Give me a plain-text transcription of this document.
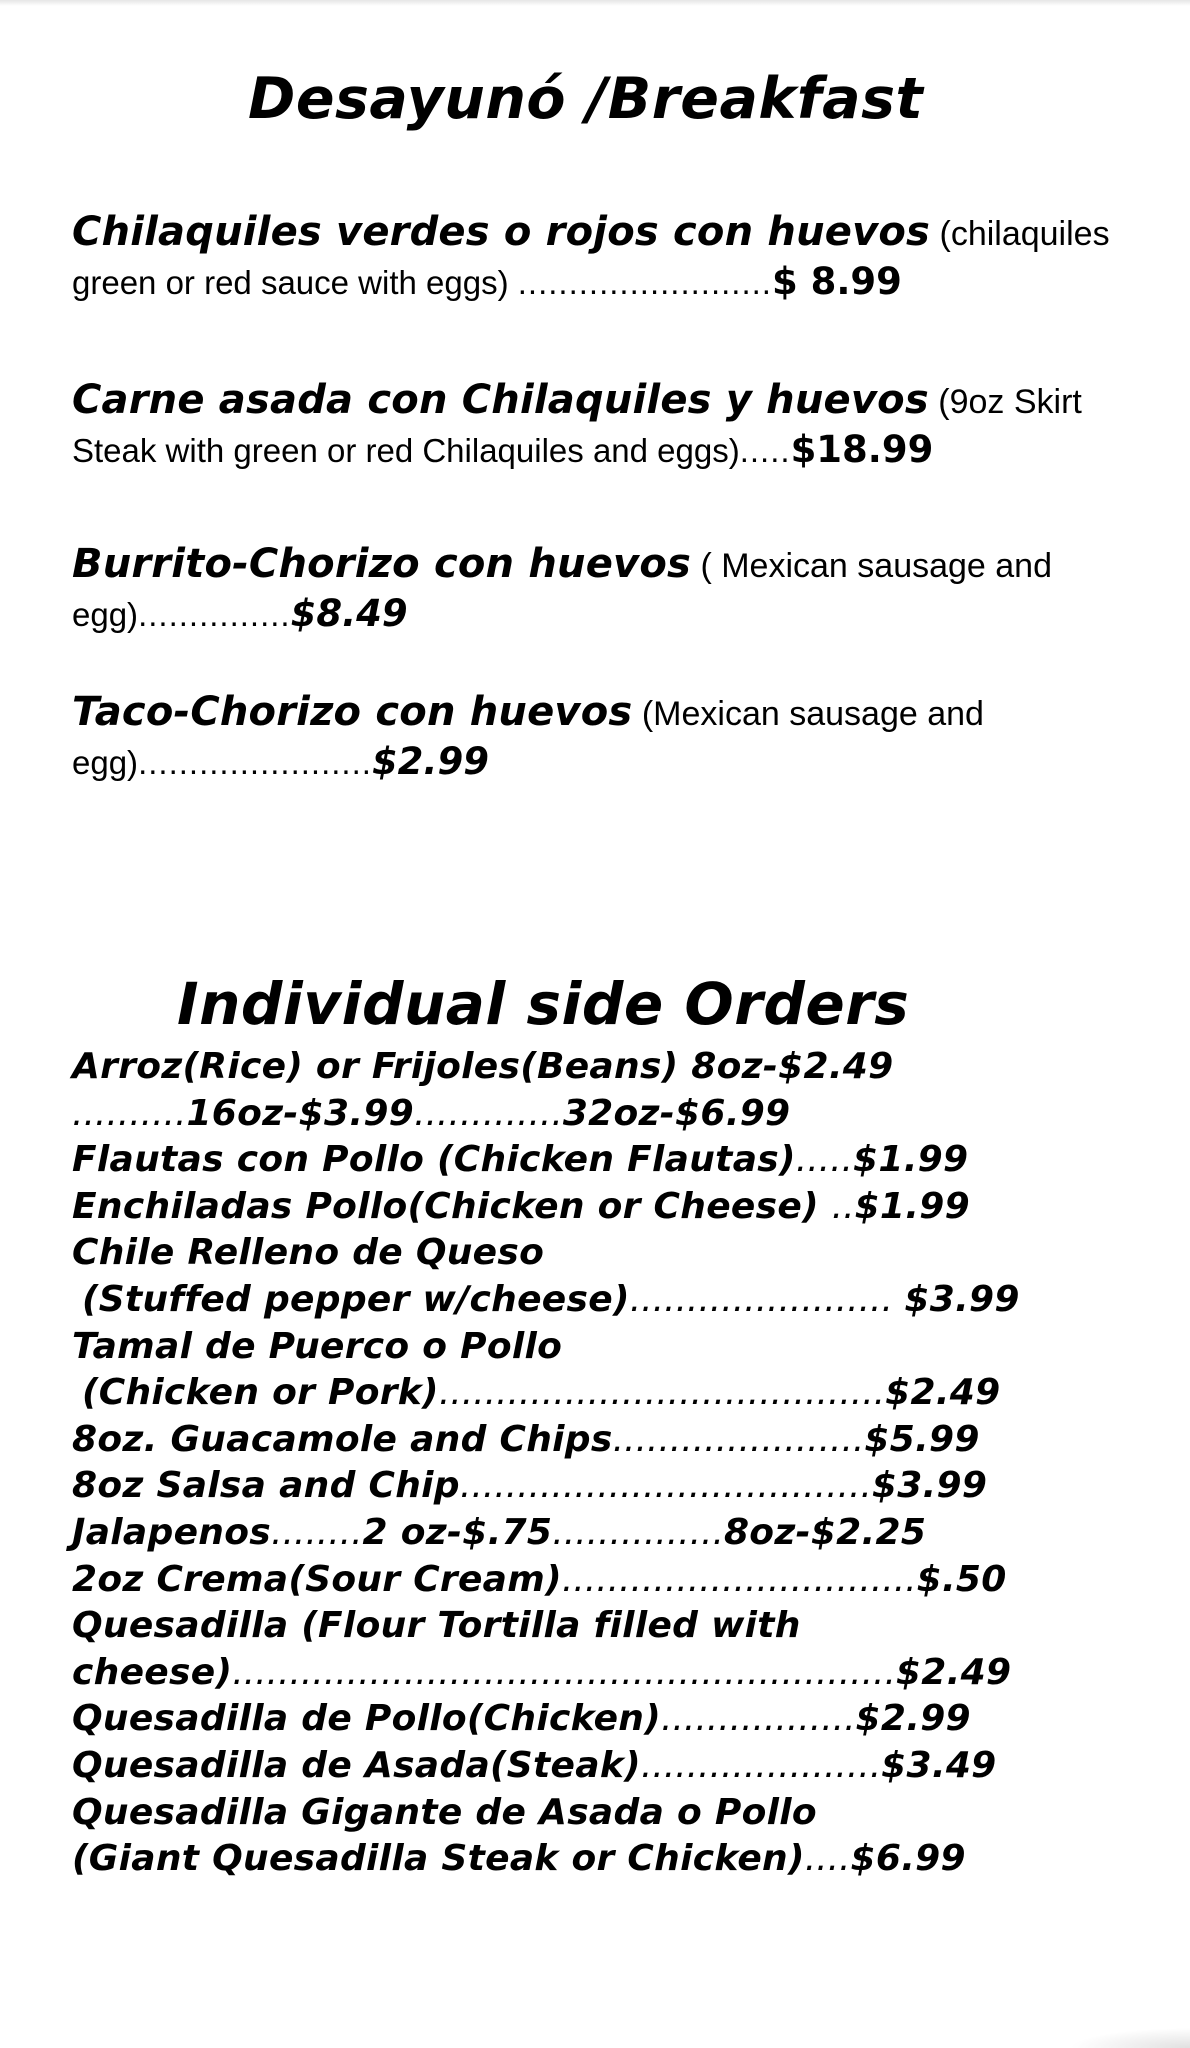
Desayunó /Breakfast
Chilaquiles verdes o rojos con huevos (chilaquiles
green or red sauce with eggs) .........................$ 8.99
Carne asada con Chilaquiles y huevos (9oz Skirt
Steak with green or red Chilaquiles and eggs).....$18.99
Burrito-Chorizo con huevos ( Mexican sausage and
egg)...............$8.49
Taco-Chorizo con huevos (Mexican sausage and
egg).......................$2.99
Individual side Orders
Arroz(Rice) or Frijoles(Beans) 8oz-$2.49
..........16oz-$3.99.............32oz-$6.99
Flautas con Pollo (Chicken Flautas).....$1.99
Enchiladas Pollo(Chicken or Cheese) ..$1.99
Chile Relleno de Queso
(Stuffed pepper w/cheese)....................... $3.99
Tamal de Puerco o Pollo
(Chicken or Pork).......................................$2.49
8oz. Guacamole and Chips......................$5.99
8oz Salsa and Chip....................................$3.99
Jalapenos........2 oz-$.75...............8oz-$2.25
2oz Crema(Sour Cream)...............................$.50
Quesadilla (Flour Tortilla filled with
cheese)..........................................................$2.49
Quesadilla de Pollo(Chicken).................$2.99
Quesadilla de Asada(Steak).....................$3.49
Quesadilla Gigante de Asada o Pollo
(Giant Quesadilla Steak or Chicken)....$6.99
